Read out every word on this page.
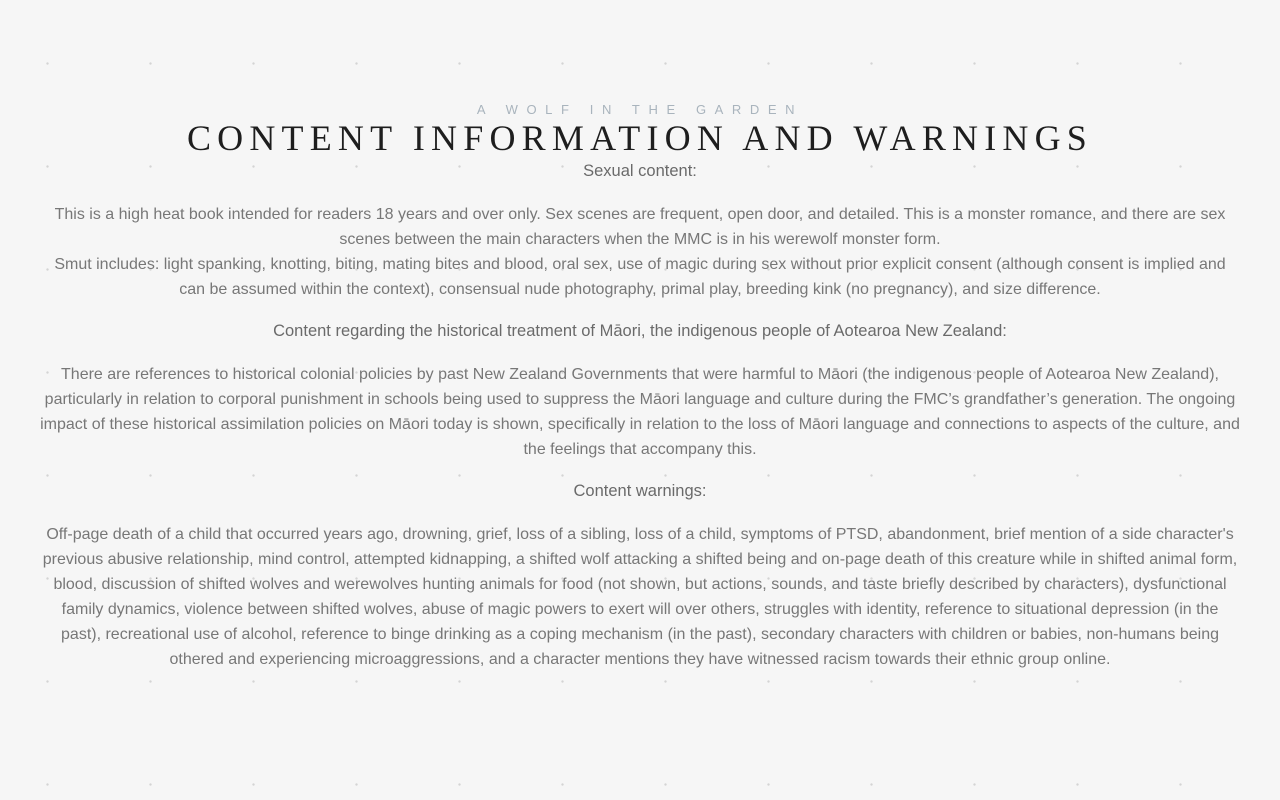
A WOLF IN THE GARDEN
CONTENT INFORMATION AND WARNINGS

Sexual content:

This is a high heat book intended for readers 18 years and over only. Sex scenes are frequent, open door, and detailed. This is a monster romance, and there are sex scenes between the main characters when the MMC is in his werewolf monster form.

Smut includes: light spanking, knotting, biting, mating bites and blood, oral sex, use of magic during sex without prior explicit consent (although consent is implied and can be assumed within the context), consensual nude photography, primal play, breeding kink (no pregnancy), and size difference.

Content regarding the historical treatment of Māori, the indigenous people of Aotearoa New Zealand:

There are references to historical colonial policies by past New Zealand Governments that were harmful to Māori (the indigenous people of Aotearoa New Zealand), particularly in relation to corporal punishment in schools being used to suppress the Māori language and culture during the FMC’s grandfather’s generation. The ongoing impact of these historical assimilation policies on Māori today is shown, specifically in relation to the loss of Māori language and connections to aspects of the culture, and the feelings that accompany this.

Content warnings:

Off-page death of a child that occurred years ago, drowning, grief, loss of a sibling, loss of a child, symptoms of PTSD, abandonment, brief mention of a side character's previous abusive relationship, mind control, attempted kidnapping, a shifted wolf attacking a shifted being and on-page death of this creature while in shifted animal form, blood, discussion of shifted wolves and werewolves hunting animals for food (not shown, but actions, sounds, and taste briefly described by characters), dysfunctional family dynamics, violence between shifted wolves, abuse of magic powers to exert will over others, struggles with identity, reference to situational depression (in the past), recreational use of alcohol, reference to binge drinking as a coping mechanism (in the past), secondary characters with children or babies, non-humans being othered and experiencing microaggressions, and a character mentions they have witnessed racism towards their ethnic group online.
